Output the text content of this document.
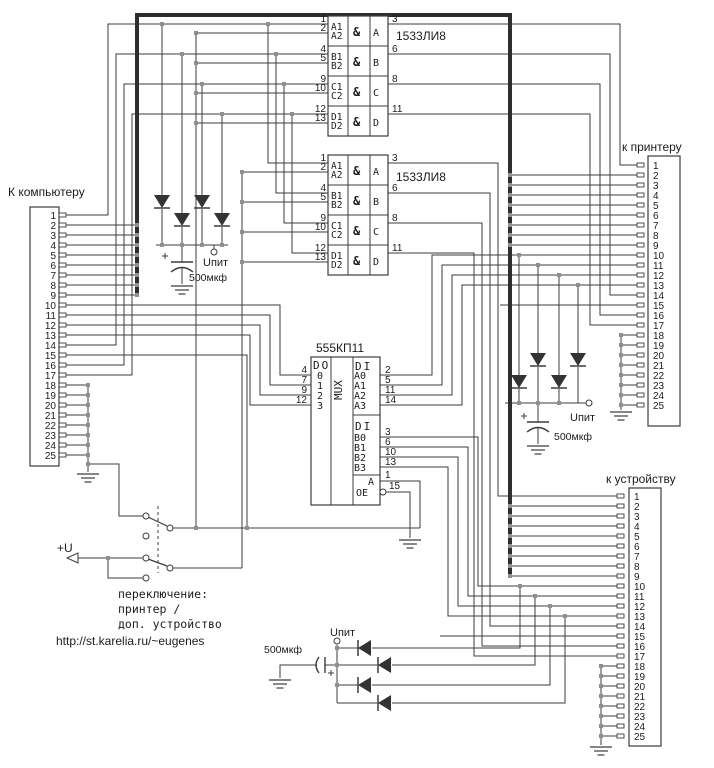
К компьютеру
1
2
3
4
5
6
7
8
9
10
11
12
13
14
15
16
17
18
19
20
21
22
23
24
25
к принтеру
1
2
3
4
5
6
7
8
9
10
11
12
13
14
15
16
17
18
19
20
21
22
23
24
25
к устройству
1
2
3
4
5
6
7
8
9
10
11
12
13
14
15
16
17
18
19
20
21
22
23
24
25
1533ЛИ8
1
2 A1
A2 & A
3
4
5 B1
B2 & B
6
9
10 C1
C2 & C
8
12
13 D1
D2 & D
11
1533ЛИ8
1
2 A1
A2 & A
3
4
5 B1
B2 & B
6
9
10 C1
C2 & C
8
12
13 D1
D2 & D
11
555КП11
DO
MUX
DI
DI
0
4
1
7
2
9
3
12
A0
2
A1
5
A2
11
A3
14
B0
3
B1
6
B2
10
B3
13
A
1
OE
15
500мкф
Uпит
500мкф
Uпит
500мкф
Uпит
+U
переключение:
принтер /
доп. устройство
http://st.karelia.ru/~eugenes
